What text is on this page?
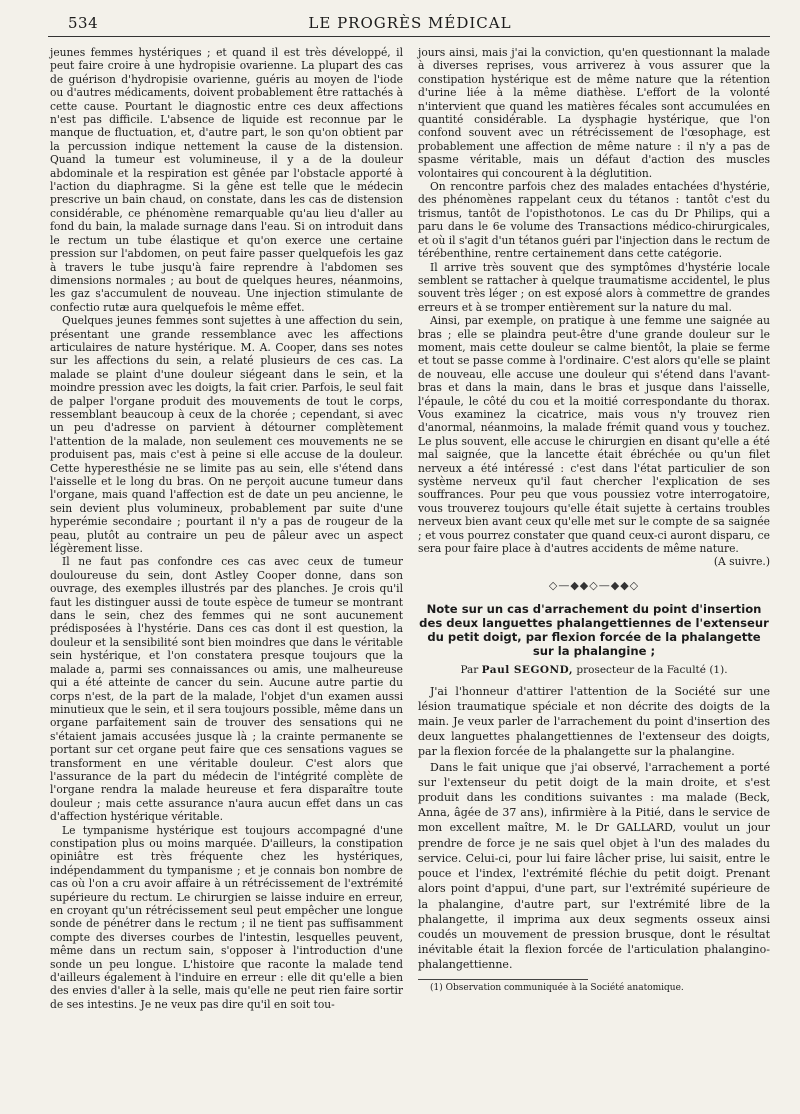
534	LE PROGRÈS MÉDICAL

jeunes femmes hystériques ; et quand il est très développé, il peut faire croire à une hydropisie ovarienne. La plupart des cas de guérison d'hydropisie ovarienne, guéris au moyen de l'iode ou d'autres médicaments, doivent probablement être rattachés à cette cause. Pourtant le diagnostic entre ces deux affections n'est pas difficile. L'absence de liquide est reconnue par le manque de fluctuation, et, d'autre part, le son qu'on obtient par la percussion indique nettement la cause de la distension. Quand la tumeur est volumineuse, il y a de la douleur abdominale et la respiration est gênée par l'obstacle apporté à l'action du diaphragme. Si la gêne est telle que le médecin prescrive un bain chaud, on constate, dans les cas de distension considérable, ce phénomène remarquable qu'au lieu d'aller au fond du bain, la malade surnage dans l'eau. Si on introduit dans le rectum un tube élastique et qu'on exerce une certaine pression sur l'abdomen, on peut faire passer quelquefois les gaz à travers le tube jusqu'à faire reprendre à l'abdomen ses dimensions normales ; au bout de quelques heures, néanmoins, les gaz s'accumulent de nouveau. Une injection stimulante de confectio rutæ aura quelquefois le même effet.

Quelques jeunes femmes sont sujettes à une affection du sein, présentant une grande ressemblance avec les affections articulaires de nature hystérique. M. A. Cooper, dans ses notes sur les affections du sein, a relaté plusieurs de ces cas. La malade se plaint d'une douleur siégeant dans le sein, et la moindre pression avec les doigts, la fait crier. Parfois, le seul fait de palper l'organe produit des mouvements de tout le corps, ressemblant beaucoup à ceux de la chorée ; cependant, si avec un peu d'adresse on parvient à détourner complètement l'attention de la malade, non seulement ces mouvements ne se produisent pas, mais c'est à peine si elle accuse de la douleur. Cette hyperesthésie ne se limite pas au sein, elle s'étend dans l'aisselle et le long du bras. On ne perçoit aucune tumeur dans l'organe, mais quand l'affection est de date un peu ancienne, le sein devient plus volumineux, probablement par suite d'une hyperémie secondaire ; pourtant il n'y a pas de rougeur de la peau, plutôt au contraire un peu de pâleur avec un aspect légèrement lisse.

Il ne faut pas confondre ces cas avec ceux de tumeur douloureuse du sein, dont Astley Cooper donne, dans son ouvrage, des exemples illustrés par des planches. Je crois qu'il faut les distinguer aussi de toute espèce de tumeur se montrant dans le sein, chez des femmes qui ne sont aucunement prédisposées à l'hystérie. Dans ces cas dont il est question, la douleur et la sensibilité sont bien moindres que dans le véritable sein hystérique, et l'on constatera presque toujours que la malade a, parmi ses connaissances ou amis, une malheureuse qui a été atteinte de cancer du sein. Aucune autre partie du corps n'est, de la part de la malade, l'objet d'un examen aussi minutieux que le sein, et il sera toujours possible, même dans un organe parfaitement sain de trouver des sensations qui ne s'étaient jamais accusées jusque là ; la crainte permanente se portant sur cet organe peut faire que ces sensations vagues se transforment en une véritable douleur. C'est alors que l'assurance de la part du médecin de l'intégrité complète de l'organe rendra la malade heureuse et fera disparaître toute douleur ; mais cette assurance n'aura aucun effet dans un cas d'affection hystérique véritable.

Le tympanisme hystérique est toujours accompagné d'une constipation plus ou moins marquée. D'ailleurs, la constipation opiniâtre est très fréquente chez les hystériques, indépendamment du tympanisme ; et je connais bon nombre de cas où l'on a cru avoir affaire à un rétrécissement de l'extrémité supérieure du rectum. Le chirurgien se laisse induire en erreur, en croyant qu'un rétrécissement seul peut empêcher une longue sonde de pénétrer dans le rectum ; il ne tient pas suffisamment compte des diverses courbes de l'intestin, lesquelles peuvent, même dans un rectum sain, s'opposer à l'introduction d'une sonde un peu longue. L'histoire que raconte la malade tend d'ailleurs également à l'induire en erreur : elle dit qu'elle a bien des envies d'aller à la selle, mais qu'elle ne peut rien faire sortir de ses intestins. Je ne veux pas dire qu'il en soit tou-

jours ainsi, mais j'ai la conviction, qu'en questionnant la malade à diverses reprises, vous arriverez à vous assurer que la constipation hystérique est de même nature que la rétention d'urine liée à la même diathèse. L'effort de la volonté n'intervient que quand les matières fécales sont accumulées en quantité considérable. La dysphagie hystérique, que l'on confond souvent avec un rétrécissement de l'œsophage, est probablement une affection de même nature : il n'y a pas de spasme véritable, mais un défaut d'action des muscles volontaires qui concourent à la déglutition.

On rencontre parfois chez des malades entachées d'hystérie, des phénomènes rappelant ceux du tétanos : tantôt c'est du trismus, tantôt de l'opisthotonos. Le cas du Dr Philips, qui a paru dans le 6e volume des Transactions médico-chirurgicales, et où il s'agit d'un tétanos guéri par l'injection dans le rectum de térébenthine, rentre certainement dans cette catégorie.

Il arrive très souvent que des symptômes d'hystérie locale semblent se rattacher à quelque traumatisme accidentel, le plus souvent très léger ; on est exposé alors à commettre de grandes erreurs et à se tromper entièrement sur la nature du mal.

Ainsi, par exemple, on pratique à une femme une saignée au bras ; elle se plaindra peut-être d'une grande douleur sur le moment, mais cette douleur se calme bientôt, la plaie se ferme et tout se passe comme à l'ordinaire. C'est alors qu'elle se plaint de nouveau, elle accuse une douleur qui s'étend dans l'avant-bras et dans la main, dans le bras et jusque dans l'aisselle, l'épaule, le côté du cou et la moitié correspondante du thorax. Vous examinez la cicatrice, mais vous n'y trouvez rien d'anormal, néanmoins, la malade frémit quand vous y touchez. Le plus souvent, elle accuse le chirurgien en disant qu'elle a été mal saignée, que la lancette était ébréchée ou qu'un filet nerveux a été intéressé : c'est dans l'état particulier de son système nerveux qu'il faut chercher l'explication de ses souffrances. Pour peu que vous poussiez votre interrogatoire, vous trouverez toujours qu'elle était sujette à certains troubles nerveux bien avant ceux qu'elle met sur le compte de sa saignée ; et vous pourrez constater que quand ceux-ci auront disparu, ce sera pour faire place à d'autres accidents de même nature.

(A suivre.)

◇—◆◆◇—◆◆◇
Note sur un cas d'arrachement du point d'insertion des deux languettes phalangettiennes de l'extenseur du petit doigt, par flexion forcée de la phalangette sur la phalangine ;
Par Paul SEGOND, prosecteur de la Faculté (1).

J'ai l'honneur d'attirer l'attention de la Société sur une lésion traumatique spéciale et non décrite des doigts de la main. Je veux parler de l'arrachement du point d'insertion des deux languettes phalangettiennes de l'extenseur des doigts, par la flexion forcée de la phalangette sur la phalangine.

Dans le fait unique que j'ai observé, l'arrachement a porté sur l'extenseur du petit doigt de la main droite, et s'est produit dans les conditions suivantes : ma malade (Beck, Anna, âgée de 37 ans), infirmière à la Pitié, dans le service de mon excellent maître, M. le Dr GALLARD, voulut un jour prendre de force je ne sais quel objet à l'un des malades du service. Celui-ci, pour lui faire lâcher prise, lui saisit, entre le pouce et l'index, l'extrémité fléchie du petit doigt. Prenant alors point d'appui, d'une part, sur l'extrémité supérieure de la phalangine, d'autre part, sur l'extrémité libre de la phalangette, il imprima aux deux segments osseux ainsi coudés un mouvement de pression brusque, dont le résultat inévitable était la flexion forcée de l'articulation phalangino-phalangettienne.

(1) Observation communiquée à la Société anatomique.
